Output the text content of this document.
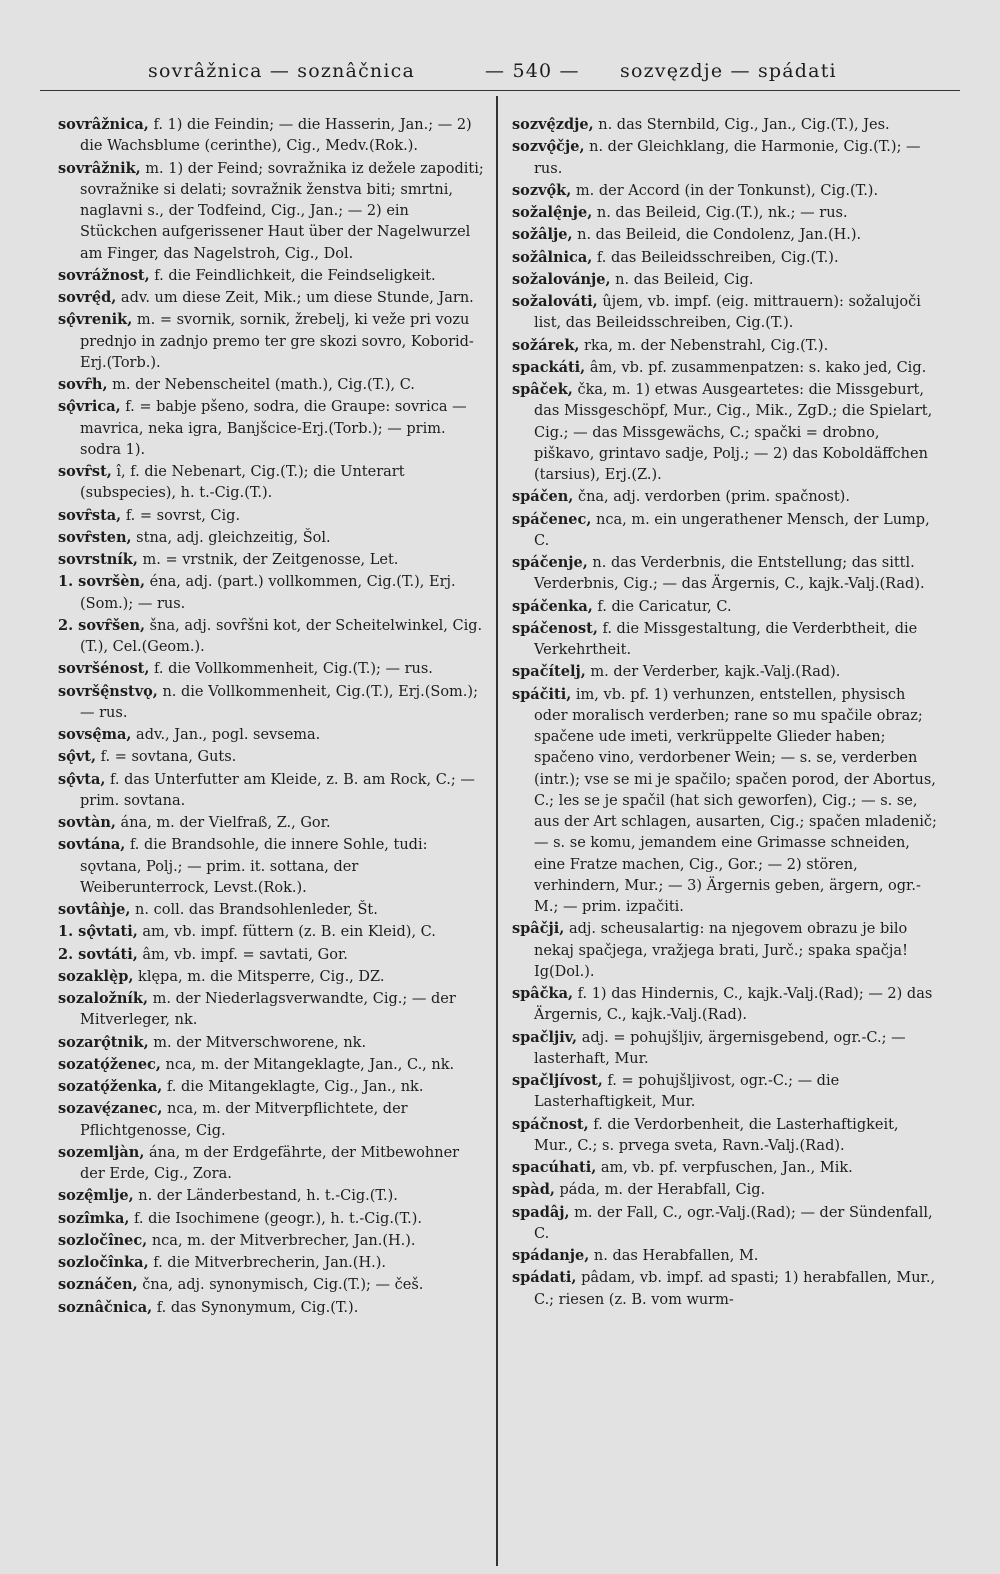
sovrâžnica — soznâčnica	— 540 — sozvęzdje — spádati

sovrâžnica, f. 1) die Feindin; — die Hasserin, Jan.; — 2) die Wachsblume (cerinthe), Cig., Medv.(Rok.).

sovrâžnik, m. 1) der Feind; sovražnika iz dežele zapoditi; sovražnike si delati; sovražnik ženstva biti; smrtni, naglavni s., der Todfeind, Cig., Jan.; — 2) ein Stückchen aufgerissener Haut über der Nagelwurzel am Finger, das Nagelstroh, Cig., Dol.

sovrážnost, f. die Feindlichkeit, die Feindseligkeit.

sovrę̂d, adv. um diese Zeit, Mik.; um diese Stunde, Jarn.

sǫ̂vrenik, m. = svornik, sornik, žrebelj, ki veže pri vozu prednjo in zadnjo premo ter gre skozi sovro, Koborid-Erj.(Torb.).

sovȓh, m. der Nebenscheitel (math.), Cig.(T.), C.

sǫ̂vrica, f. = babje pšeno, sodra, die Graupe: sovrica — mavrica, neka igra, Banjšcice-Erj.(Torb.); — prim. sodra 1).

sovȓst, î, f. die Nebenart, Cig.(T.); die Unterart (subspecies), h. t.-Cig.(T.).

sovȓsta, f. = sovrst, Cig.

sovȓsten, stna, adj. gleichzeitig, Šol.

sovrstník, m. = vrstnik, der Zeitgenosse, Let.

1. sovršèn, éna, adj. (part.) vollkommen, Cig.(T.), Erj.(Som.); — rus.

2. sovȓšen, šna, adj. sovȓšni kot, der Scheitelwinkel, Cig.(T.), Cel.(Geom.).

sovršénost, f. die Vollkommenheit, Cig.(T.); — rus.

sovršę̂nstvǫ, n. die Vollkommenheit, Cig.(T.), Erj.(Som.); — rus.

sovsę̂ma, adv., Jan., pogl. sevsema.

sǫ̂vt, f. = sovtana, Guts.

sǫ̂vta, f. das Unterfutter am Kleide, z. B. am Rock, C.; — prim. sovtana.

sovtàn, ána, m. der Vielfraß, Z., Gor.

sovtána, f. die Brandsohle, die innere Sohle, tudi: sǫvtana, Polj.; — prim. it. sottana, der Weiberunterrock, Levst.(Rok.).

sovtâǹje, n. coll. das Brandsohlenleder, Št.

1. sǫ̂vtati, am, vb. impf. füttern (z. B. ein Kleid), C.

2. sovtáti, âm, vb. impf. = savtati, Gor.

sozaklę̀p, klępa, m. die Mitsperre, Cig., DZ.

sozaložník, m. der Niederlagsverwandte, Cig.; — der Mitverleger, nk.

sozarǫ̂tnik, m. der Mitverschworene, nk.

sozatǫ́ženec, nca, m. der Mitangeklagte, Jan., C., nk.

sozatǫ́ženka, f. die Mitangeklagte, Cig., Jan., nk.

sozavę́zanec, nca, m. der Mitverpflichtete, der Pflichtgenosse, Cig.

sozemljàn, ána, m der Erdgefährte, der Mitbewohner der Erde, Cig., Zora.

sozę̂mlje, n. der Länderbestand, h. t.-Cig.(T.).

sozîmka, f. die Isochimene (geogr.), h. t.-Cig.(T.).

sozločînec, nca, m. der Mitverbrecher, Jan.(H.).

sozločînka, f. die Mitverbrecherin, Jan.(H.).

soznáčen, čna, adj. synonymisch, Cig.(T.); — češ.

soznâčnica, f. das Synonymum, Cig.(T.).

sozvę̂zdje, n. das Sternbild, Cig., Jan., Cig.(T.), Jes.

sozvǫ̂čje, n. der Gleichklang, die Harmonie, Cig.(T.); — rus.

sozvǫ̂k, m. der Accord (in der Tonkunst), Cig.(T.).

sožalę̂nje, n. das Beileid, Cig.(T.), nk.; — rus.

sožâlje, n. das Beileid, die Condolenz, Jan.(H.).

sožâlnica, f. das Beileidsschreiben, Cig.(T.).

sožalovánje, n. das Beileid, Cig.

sožalováti, ûjem, vb. impf. (eig. mittrauern): sožalujoči list, das Beileidsschreiben, Cig.(T.).

sožárek, rka, m. der Nebenstrahl, Cig.(T.).

spackáti, âm, vb. pf. zusammenpatzen: s. kako jed, Cig.

spâček, čka, m. 1) etwas Ausgeartetes: die Missgeburt, das Missgeschöpf, Mur., Cig., Mik., ZgD.; die Spielart, Cig.; — das Missgewächs, C.; spački = drobno, piškavo, grintavo sadje, Polj.; — 2) das Koboldäffchen (tarsius), Erj.(Z.).

spáčen, čna, adj. verdorben (prim. spačnost).

spáčenec, nca, m. ein ungerathener Mensch, der Lump, C.

spáčenje, n. das Verderbnis, die Entstellung; das sittl. Verderbnis, Cig.; — das Ärgernis, C., kajk.-Valj.(Rad).

spáčenka, f. die Caricatur, C.

spáčenost, f. die Missgestaltung, die Verderbtheit, die Verkehrtheit.

spačítelj, m. der Verderber, kajk.-Valj.(Rad).

spáčiti, im, vb. pf. 1) verhunzen, entstellen, physisch oder moralisch verderben; rane so mu spačile obraz; spačene ude imeti, verkrüppelte Glieder haben; spačeno vino, verdorbener Wein; — s. se, verderben (intr.); vse se mi je spačilo; spačen porod, der Abortus, C.; les se je spačil (hat sich geworfen), Cig.; — s. se, aus der Art schlagen, ausarten, Cig.; spačen mladenič; — s. se komu, jemandem eine Grimasse schneiden, eine Fratze machen, Cig., Gor.; — 2) stören, verhindern, Mur.; — 3) Ärgernis geben, ärgern, ogr.-M.; — prim. izpačiti.

spâčji, adj. scheusalartig: na njegovem obrazu je bilo nekaj spačjega, vražjega brati, Jurč.; spaka spačja! Ig(Dol.).

spâčka, f. 1) das Hindernis, C., kajk.-Valj.(Rad); — 2) das Ärgernis, C., kajk.-Valj.(Rad).

spačljiv, adj. = pohujšljiv, ärgernisgebend, ogr.-C.; — lasterhaft, Mur.

spačljívost, f. = pohujšljivost, ogr.-C.; — die Lasterhaftigkeit, Mur.

spáčnost, f. die Verdorbenheit, die Lasterhaftigkeit, Mur., C.; s. prvega sveta, Ravn.-Valj.(Rad).

spacúhati, am, vb. pf. verpfuschen, Jan., Mik.

spàd, páda, m. der Herabfall, Cig.

spadâj, m. der Fall, C., ogr.-Valj.(Rad); — der Sündenfall, C.

spádanje, n. das Herabfallen, M.

spádati, pâdam, vb. impf. ad spasti; 1) herabfallen, Mur., C.; riesen (z. B. vom wurm-
